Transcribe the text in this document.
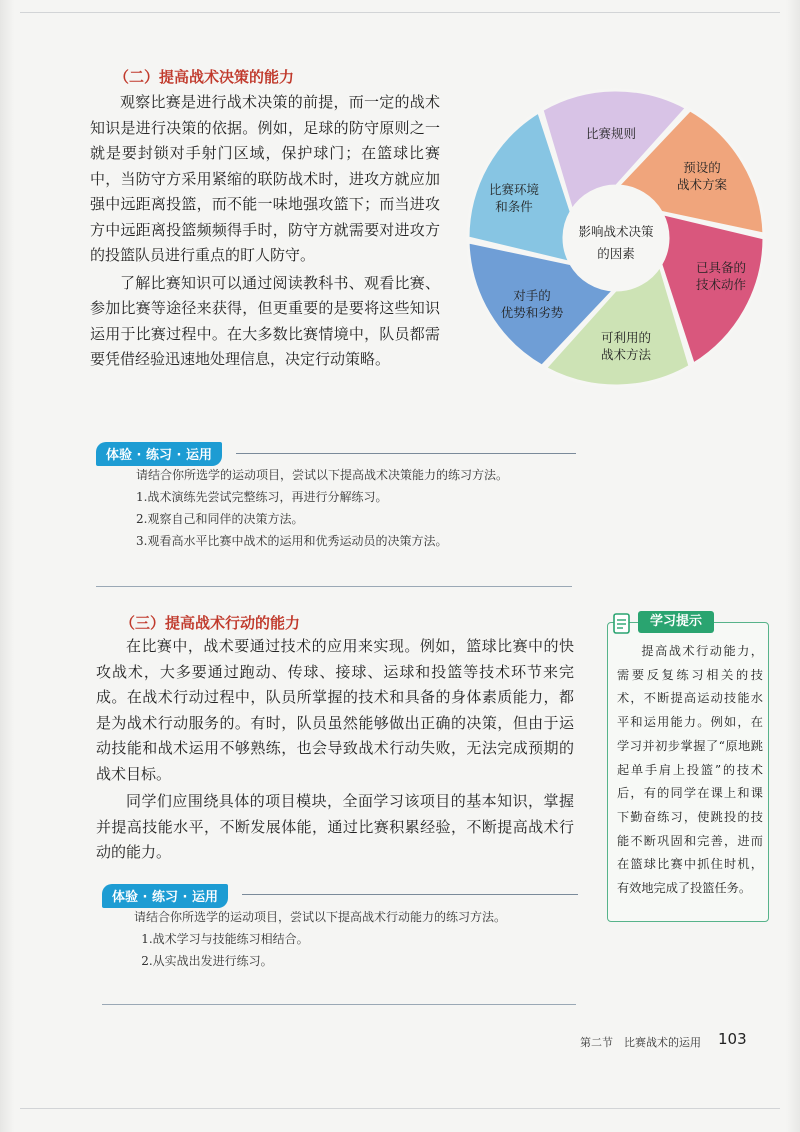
（二）提高战术决策的能力

观察比赛是进行战术决策的前提，而一定的战术知识是进行决策的依据。例如，足球的防守原则之一就是要封锁对手射门区域，保护球门；在篮球比赛中，当防守方采用紧缩的联防战术时，进攻方就应加强中远距离投篮，而不能一味地强攻篮下；而当进攻方中远距离投篮频频得手时，防守方就需要对进攻方的投篮队员进行重点的盯人防守。

了解比赛知识可以通过阅读教科书、观看比赛、参加比赛等途径来获得，但更重要的是要将这些知识运用于比赛过程中。在大多数比赛情境中，队员都需要凭借经验迅速地处理信息，决定行动策略。

影响战术决策
的因素
比赛规则
预设的
战术方案
已具备的
技术动作
可利用的
战术方法
对手的
优势和劣势
比赛环境
和条件
体验 · 练习 · 运用

请结合你所选学的运动项目，尝试以下提高战术决策能力的练习方法。

1.战术演练先尝试完整练习，再进行分解练习。

2.观察自己和同伴的决策方法。

3.观看高水平比赛中战术的运用和优秀运动员的决策方法。

（三）提高战术行动的能力

在比赛中，战术要通过技术的应用来实现。例如，篮球比赛中的快攻战术，大多要通过跑动、传球、接球、运球和投篮等技术环节来完成。在战术行动过程中，队员所掌握的技术和具备的身体素质能力，都是为战术行动服务的。有时，队员虽然能够做出正确的决策，但由于运动技能和战术运用不够熟练，也会导致战术行动失败，无法完成预期的战术目标。

同学们应围绕具体的项目模块，全面学习该项目的基本知识，掌握并提高技能水平，不断发展体能，通过比赛积累经验，不断提高战术行动的能力。

学习提示

提高战术行动能力，需要反复练习相关的技术，不断提高运动技能水平和运用能力。例如，在学习并初步掌握了“原地跳起单手肩上投篮”的技术后，有的同学在课上和课下勤奋练习，使跳投的技能不断巩固和完善，进而在篮球比赛中抓住时机，有效地完成了投篮任务。

体验 · 练习 · 运用

请结合你所选学的运动项目，尝试以下提高战术行动能力的练习方法。

1.战术学习与技能练习相结合。

2.从实战出发进行练习。

第二节　比赛战术的运用 103
